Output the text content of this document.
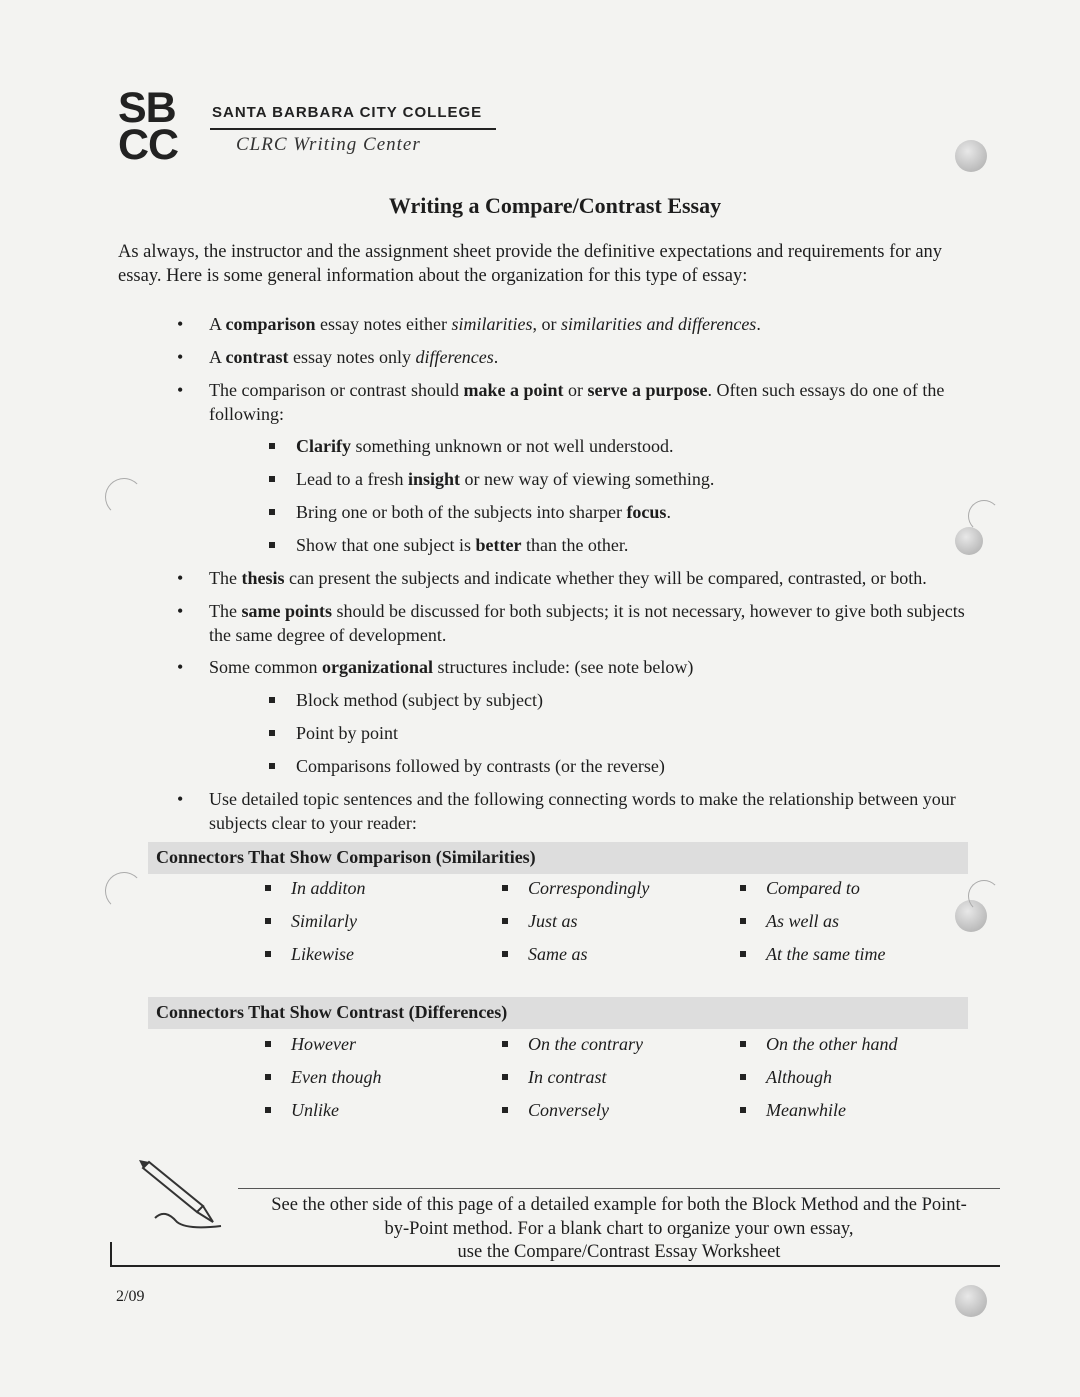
SB
CC
SANTA BARBARA CITY COLLEGE
CLRC Writing Center
Writing a Compare/Contrast Essay
As always, the instructor and the assignment sheet provide the definitive expectations and requirements for any essay. Here is some general information about the organization for this type of essay:
• A comparison essay notes either similarities, or similarities and differences.
• A contrast essay notes only differences.
• The comparison or contrast should make a point or serve a purpose. Often such essays do one of the following:
Clarify something unknown or not well understood.
Lead to a fresh insight or new way of viewing something.
Bring one or both of the subjects into sharper focus.
Show that one subject is better than the other.
• The thesis can present the subjects and indicate whether they will be compared, contrasted, or both.
• The same points should be discussed for both subjects; it is not necessary, however to give both subjects the same degree of development.
• Some common organizational structures include: (see note below)
Block method (subject by subject)
Point by point
Comparisons followed by contrasts (or the reverse)
• Use detailed topic sentences and the following connecting words to make the relationship between your subjects clear to your reader:
Connectors That Show Comparison (Similarities)
In additon
Similarly
Likewise
Correspondingly
Just as
Same as
Compared to
As well as
At the same time
Connectors That Show Contrast (Differences)
However
Even though
Unlike
On the contrary
In contrast
Conversely
On the other hand
Although
Meanwhile
See the other side of this page of a detailed example for both the Block Method and the Point-
by-Point method. For a blank chart to organize your own essay,
use the Compare/Contrast Essay Worksheet
2/09
